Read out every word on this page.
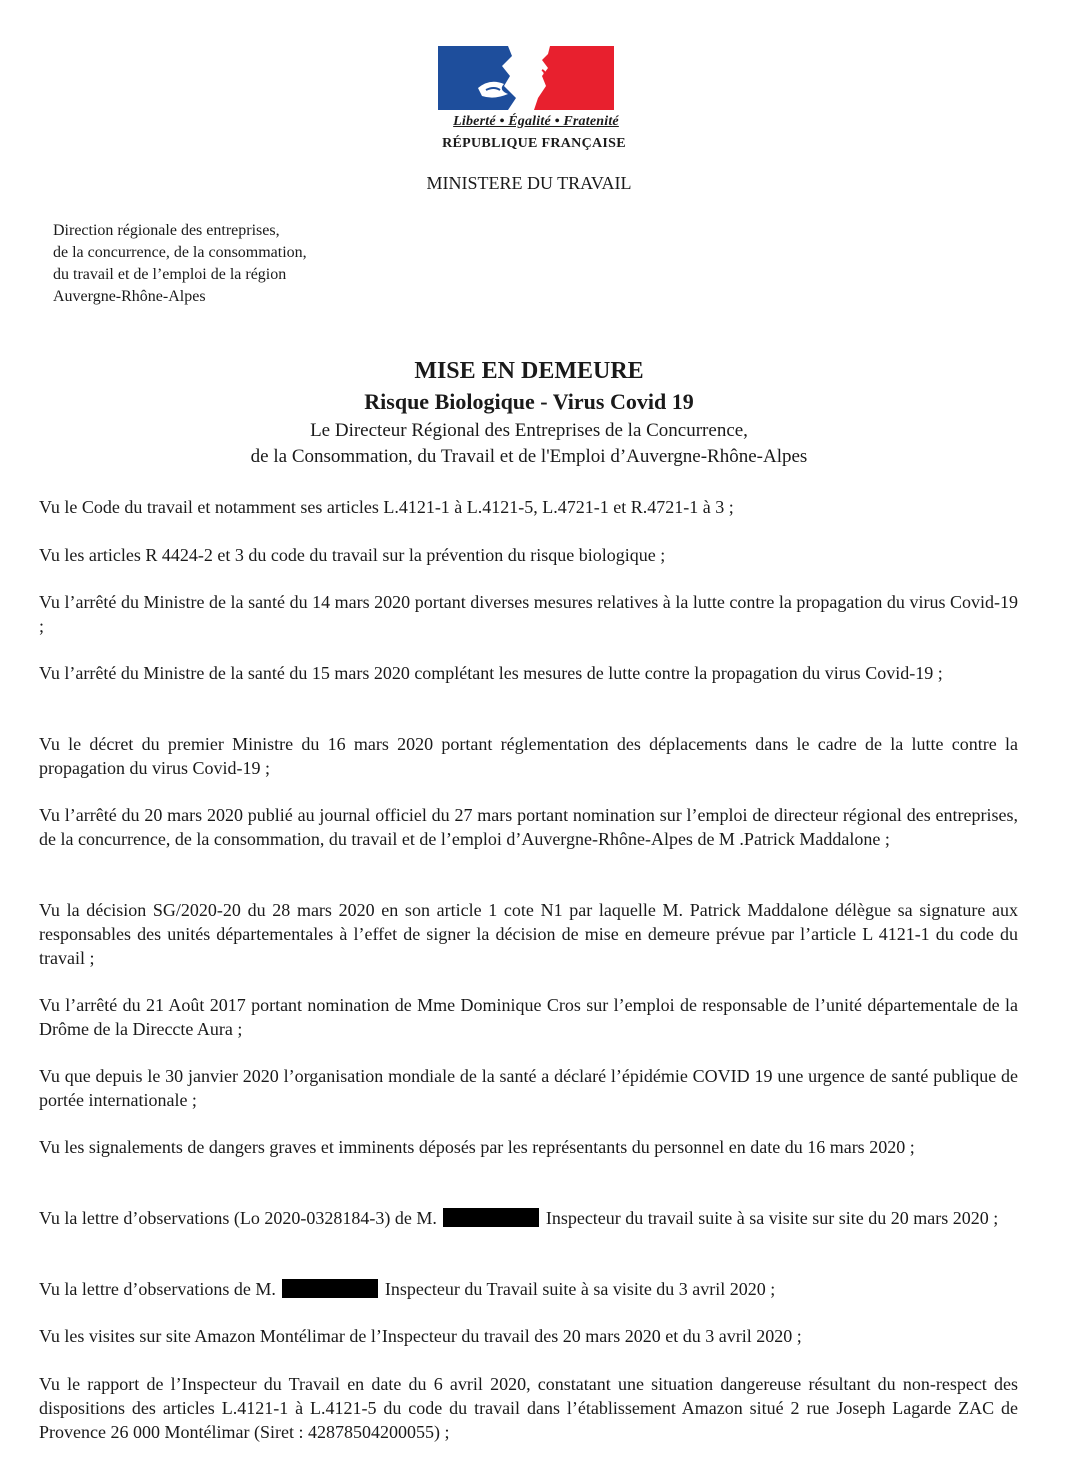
Liberté • Égalité • Fratenité
RÉPUBLIQUE FRANÇAISE
MINISTERE DU TRAVAIL
Direction régionale des entreprises,
de la concurrence, de la consommation,
du travail et de l’emploi de la région
Auvergne-Rhône-Alpes
MISE EN DEMEURE
Risque Biologique - Virus Covid 19
Le Directeur Régional des Entreprises de la Concurrence,
de la Consommation, du Travail et de l'Emploi d’Auvergne-Rhône-Alpes
Vu le Code du travail et notamment ses articles L.4121-1 à L.4121-5, L.4721-1 et R.4721-1 à 3 ;
Vu les articles R 4424-2 et 3 du code du travail sur la prévention du risque biologique ;
Vu l’arrêté du Ministre de la santé du 14 mars 2020 portant diverses mesures relatives à la lutte contre la propagation du virus Covid-19 ;
Vu l’arrêté du Ministre de la santé du 15 mars 2020 complétant les mesures de lutte contre la propagation du virus Covid-19 ;
Vu le décret du premier Ministre du 16 mars 2020 portant réglementation des déplacements dans le cadre de la lutte contre la propagation du virus Covid-19 ;
Vu l’arrêté du 20 mars 2020 publié au journal officiel du 27 mars portant nomination sur l’emploi de directeur régional des entreprises, de la concurrence, de la consommation, du travail et de l’emploi d’Auvergne-Rhône-Alpes de M .Patrick Maddalone ;
Vu la décision SG/2020-20 du 28 mars 2020 en son article 1 cote N1 par laquelle M. Patrick Maddalone délègue sa signature aux responsables des unités départementales à l’effet de signer la décision de mise en demeure prévue par l’article L 4121-1 du code du travail ;
Vu l’arrêté du 21 Août 2017 portant nomination de Mme Dominique Cros sur l’emploi de responsable de l’unité départementale de la Drôme de la Direccte Aura ;
Vu que depuis le 30 janvier 2020 l’organisation mondiale de la santé a déclaré l’épidémie COVID 19 une urgence de santé publique de portée internationale ;
Vu les signalements de dangers graves et imminents déposés par les représentants du personnel en date du 16 mars 2020 ;
Vu la lettre d’observations (Lo 2020-0328184-3) de M.	Inspecteur du travail suite à sa visite sur site du 20 mars 2020 ;
Vu la lettre d’observations de M.	Inspecteur du Travail suite à sa visite du 3 avril 2020 ;
Vu les visites sur site Amazon Montélimar de l’Inspecteur du travail des 20 mars 2020 et du 3 avril 2020 ;
Vu le rapport de l’Inspecteur du Travail en date du 6 avril 2020, constatant une situation dangereuse résultant du non-respect des dispositions des articles L.4121-1 à L.4121-5 du code du travail dans l’établissement Amazon situé 2 rue Joseph Lagarde ZAC de Provence 26 000 Montélimar (Siret : 42878504200055) ;
